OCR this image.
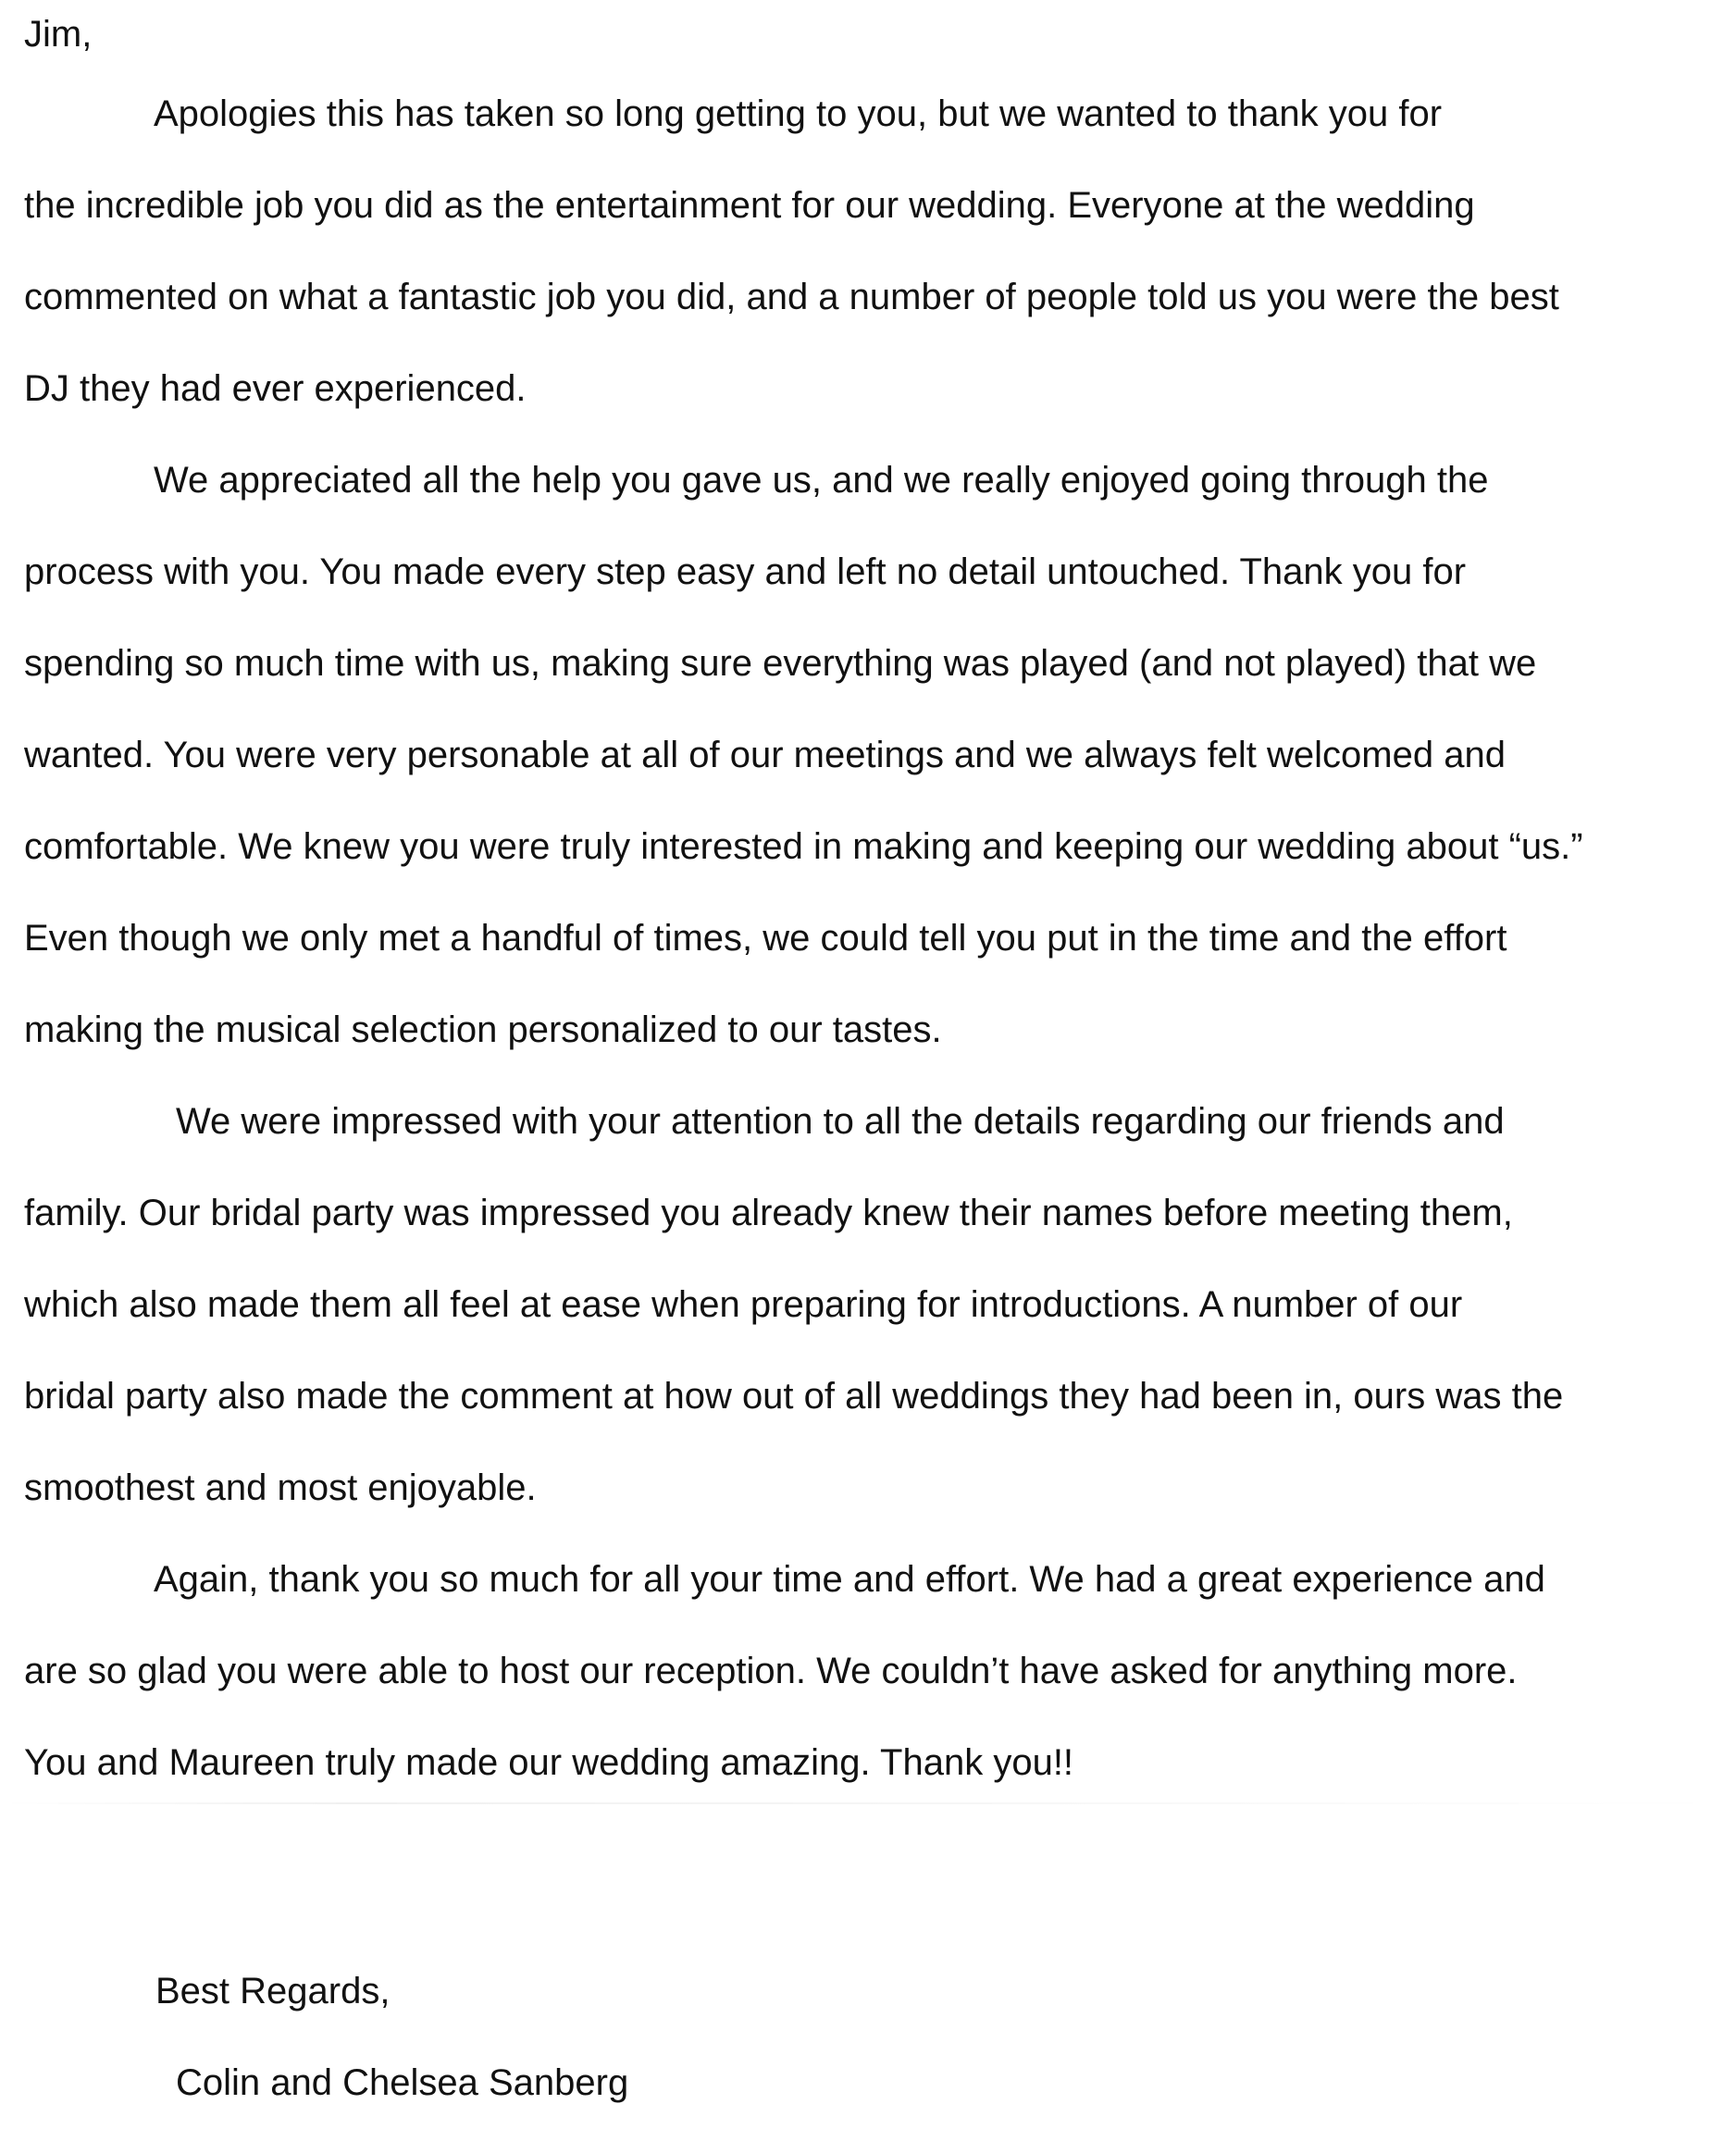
Jim,
Apologies this has taken so long getting to you, but we wanted to thank you for
the incredible job you did as the entertainment for our wedding. Everyone at the wedding
commented on what a fantastic job you did, and a number of people told us you were the best
DJ they had ever experienced.
We appreciated all the help you gave us, and we really enjoyed going through the
process with you. You made every step easy and left no detail untouched. Thank you for
spending so much time with us, making sure everything was played (and not played) that we
wanted. You were very personable at all of our meetings and we always felt welcomed and
comfortable. We knew you were truly interested in making and keeping our wedding about “us.”
Even though we only met a handful of times, we could tell you put in the time and the effort
making the musical selection personalized to our tastes.
We were impressed with your attention to all the details regarding our friends and
family. Our bridal party was impressed you already knew their names before meeting them,
which also made them all feel at ease when preparing for introductions. A number of our
bridal party also made the comment at how out of all weddings they had been in, ours was the
smoothest and most enjoyable.
Again, thank you so much for all your time and effort. We had a great experience and
are so glad you were able to host our reception. We couldn’t have asked for anything more.
You and Maureen truly made our wedding amazing. Thank you!!
Best Regards,
Colin and Chelsea Sanberg
